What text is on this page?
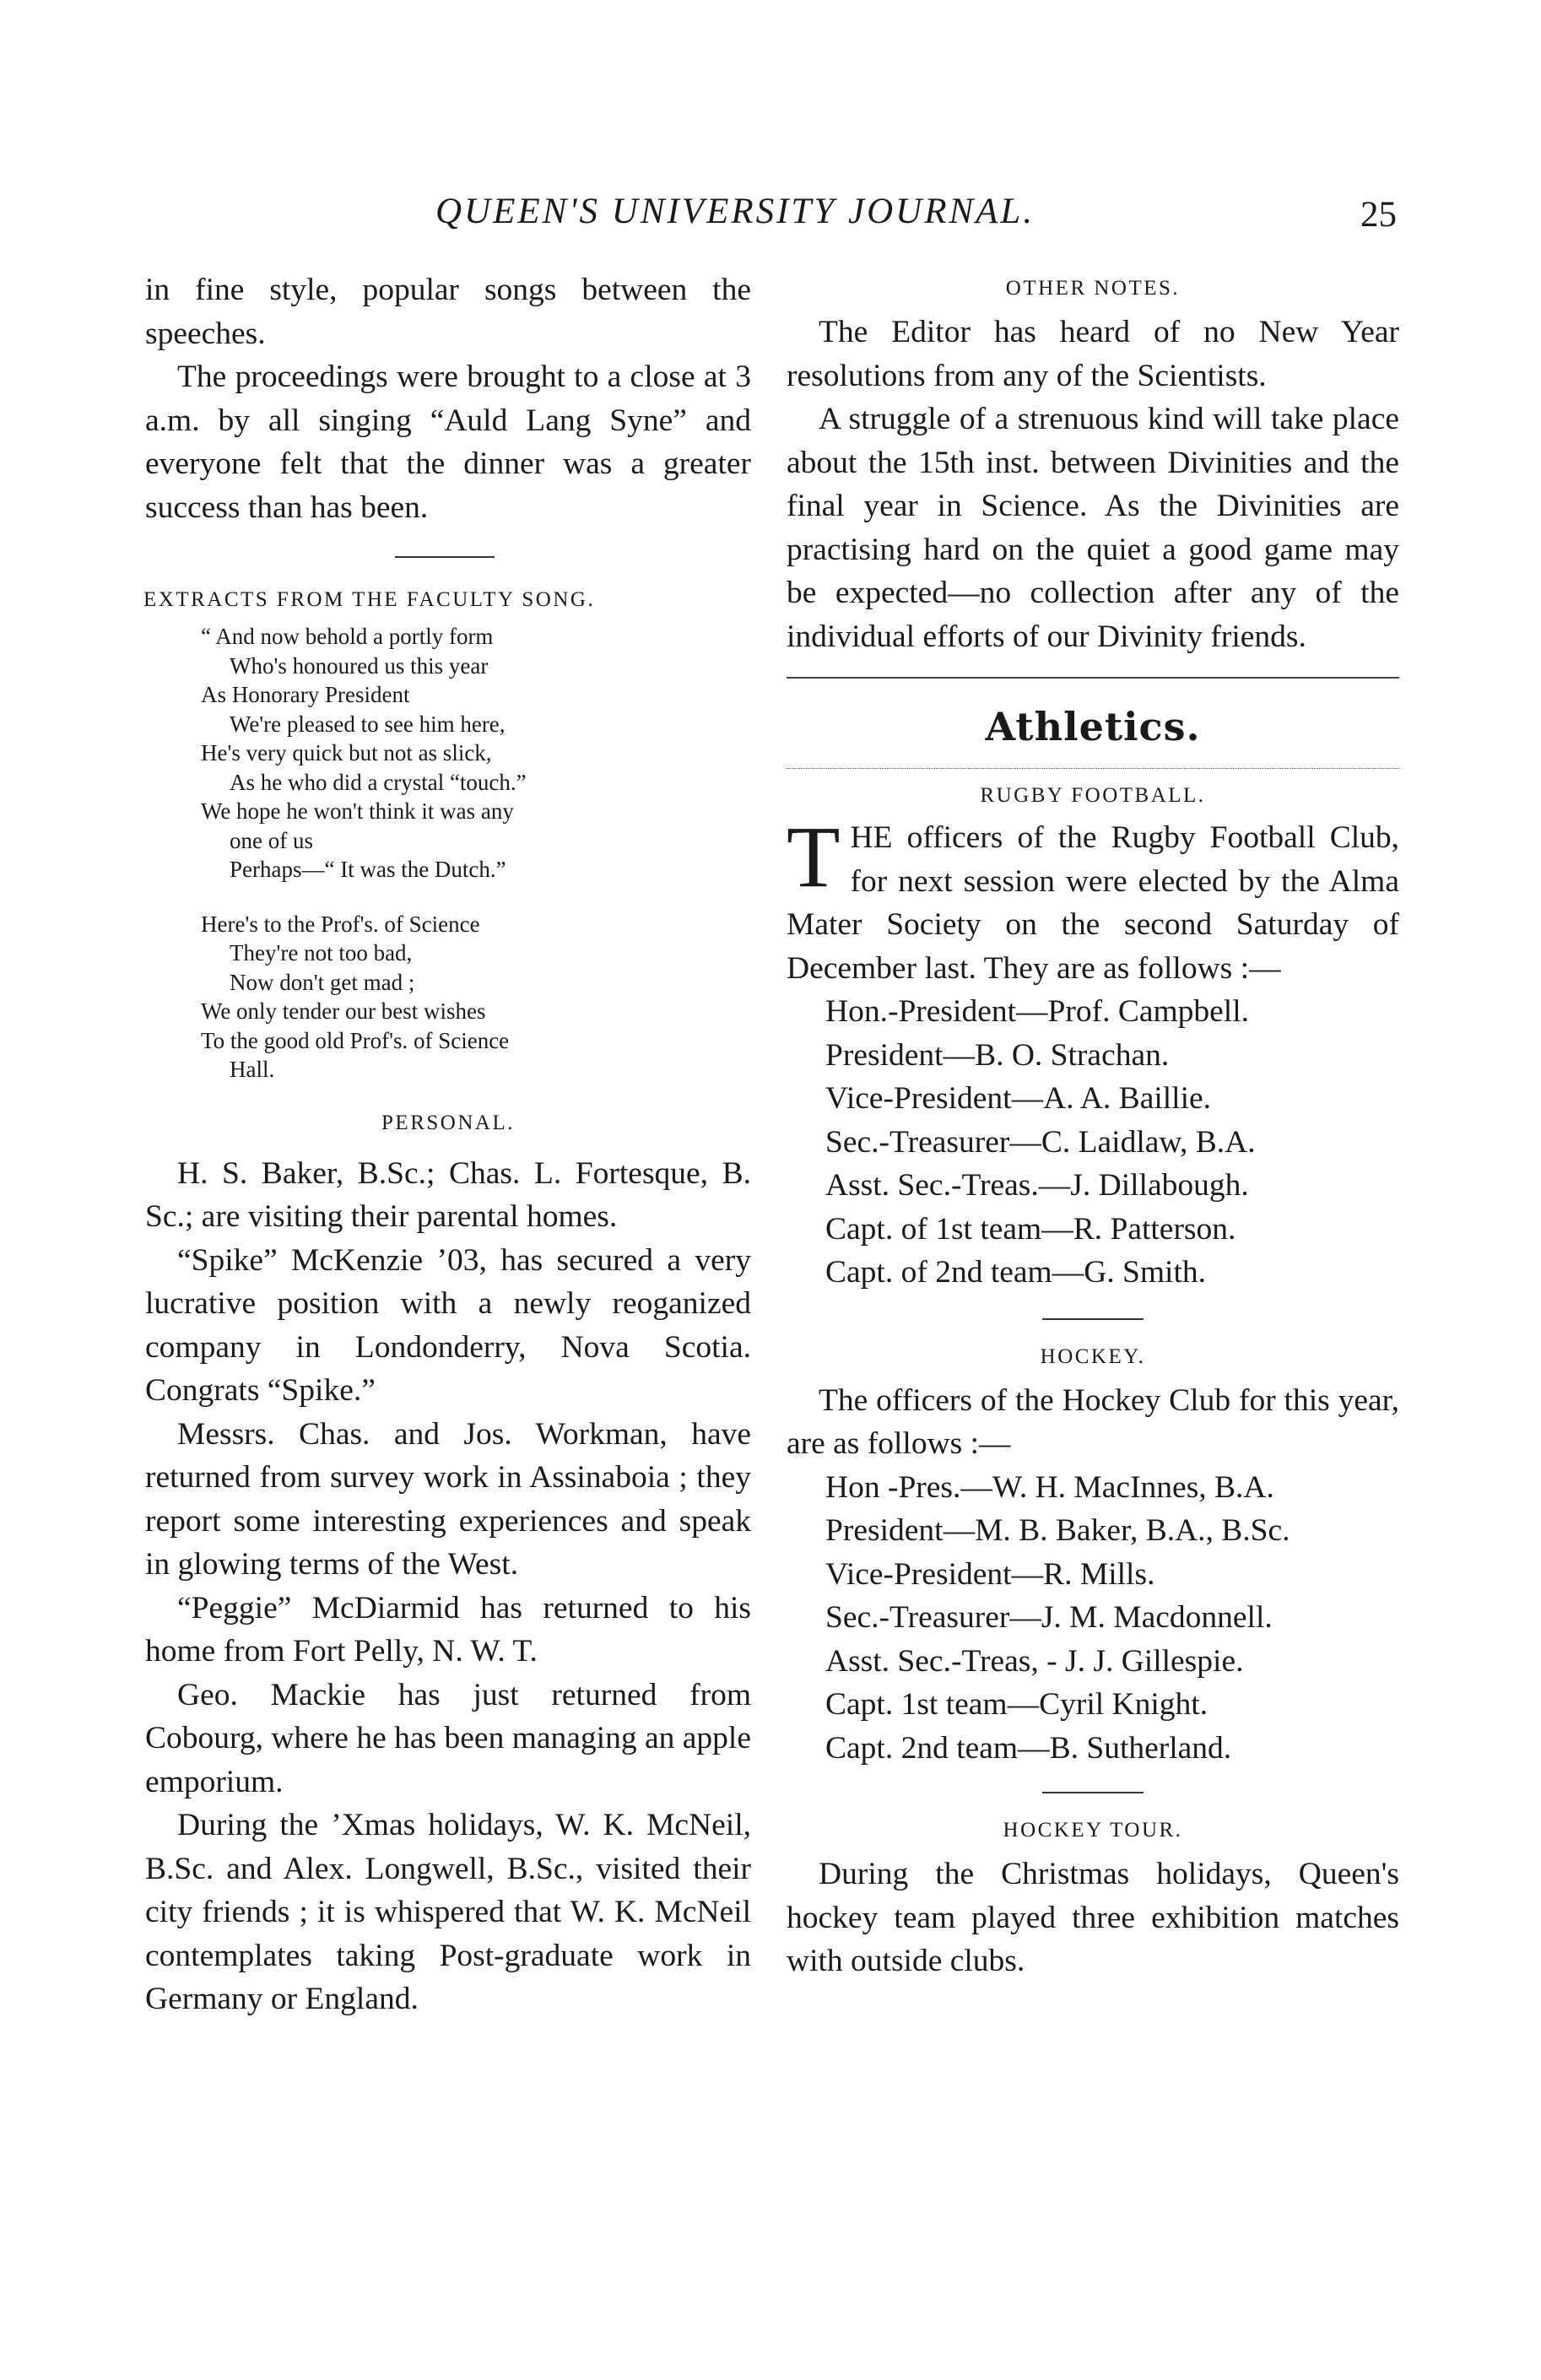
QUEEN'S UNIVERSITY JOURNAL.	25

in fine style, popular songs between the speeches.

The proceedings were brought to a close at 3 a.m. by all singing “Auld Lang Syne” and everyone felt that the dinner was a greater success than has been.

EXTRACTS FROM THE FACULTY SONG.

“ And now behold a portly form
Who's honoured us this year
As Honorary President
We're pleased to see him here,
He's very quick but not as slick,
As he who did a crystal “touch.”
We hope he won't think it was any
one of us
Perhaps—“ It was the Dutch.”
Here's to the Prof's. of Science
They're not too bad,
Now don't get mad ;
We only tender our best wishes
To the good old Prof's. of Science
Hall.

PERSONAL.

H. S. Baker, B.Sc.; Chas. L. Fortesque, B. Sc.; are visiting their parental homes.

“Spike” McKenzie ’03, has secured a very lucrative position with a newly reoganized company in Londonderry, Nova Scotia. Congrats “Spike.”

Messrs. Chas. and Jos. Workman, have returned from survey work in Assinaboia ; they report some interesting experiences and speak in glowing terms of the West.

“Peggie” McDiarmid has returned to his home from Fort Pelly, N. W. T.

Geo. Mackie has just returned from Cobourg, where he has been managing an apple emporium.

During the ’Xmas holidays, W. K. McNeil, B.Sc. and Alex. Longwell, B.Sc., visited their city friends ; it is whispered that W. K. McNeil contemplates taking Post-graduate work in Germany or England.

OTHER NOTES.

The Editor has heard of no New Year resolutions from any of the Scientists.

A struggle of a strenuous kind will take place about the 15th inst. between Divinities and the final year in Science. As the Divinities are practising hard on the quiet a good game may be expected—no collection after any of the individual efforts of our Divinity friends.

Athletics.

RUGBY FOOTBALL.

T HE officers of the Rugby Football Club, for next session were elected by the Alma Mater Society on the second Saturday of December last. They are as follows :—

Hon.-President—Prof. Campbell.
President—B. O. Strachan.
Vice-President—A. A. Baillie.
Sec.-Treasurer—C. Laidlaw, B.A.
Asst. Sec.-Treas.—J. Dillabough.
Capt. of 1st team—R. Patterson.
Capt. of 2nd team—G. Smith.

HOCKEY.

The officers of the Hockey Club for this year, are as follows :—

Hon -Pres.—W. H. MacInnes, B.A.
President—M. B. Baker, B.A., B.Sc.
Vice-President—R. Mills.
Sec.-Treasurer—J. M. Macdonnell.
Asst. Sec.-Treas, - J. J. Gillespie.
Capt. 1st team—Cyril Knight.
Capt. 2nd team—B. Sutherland.

HOCKEY TOUR.

During the Christmas holidays, Queen's hockey team played three exhibition matches with outside clubs.
